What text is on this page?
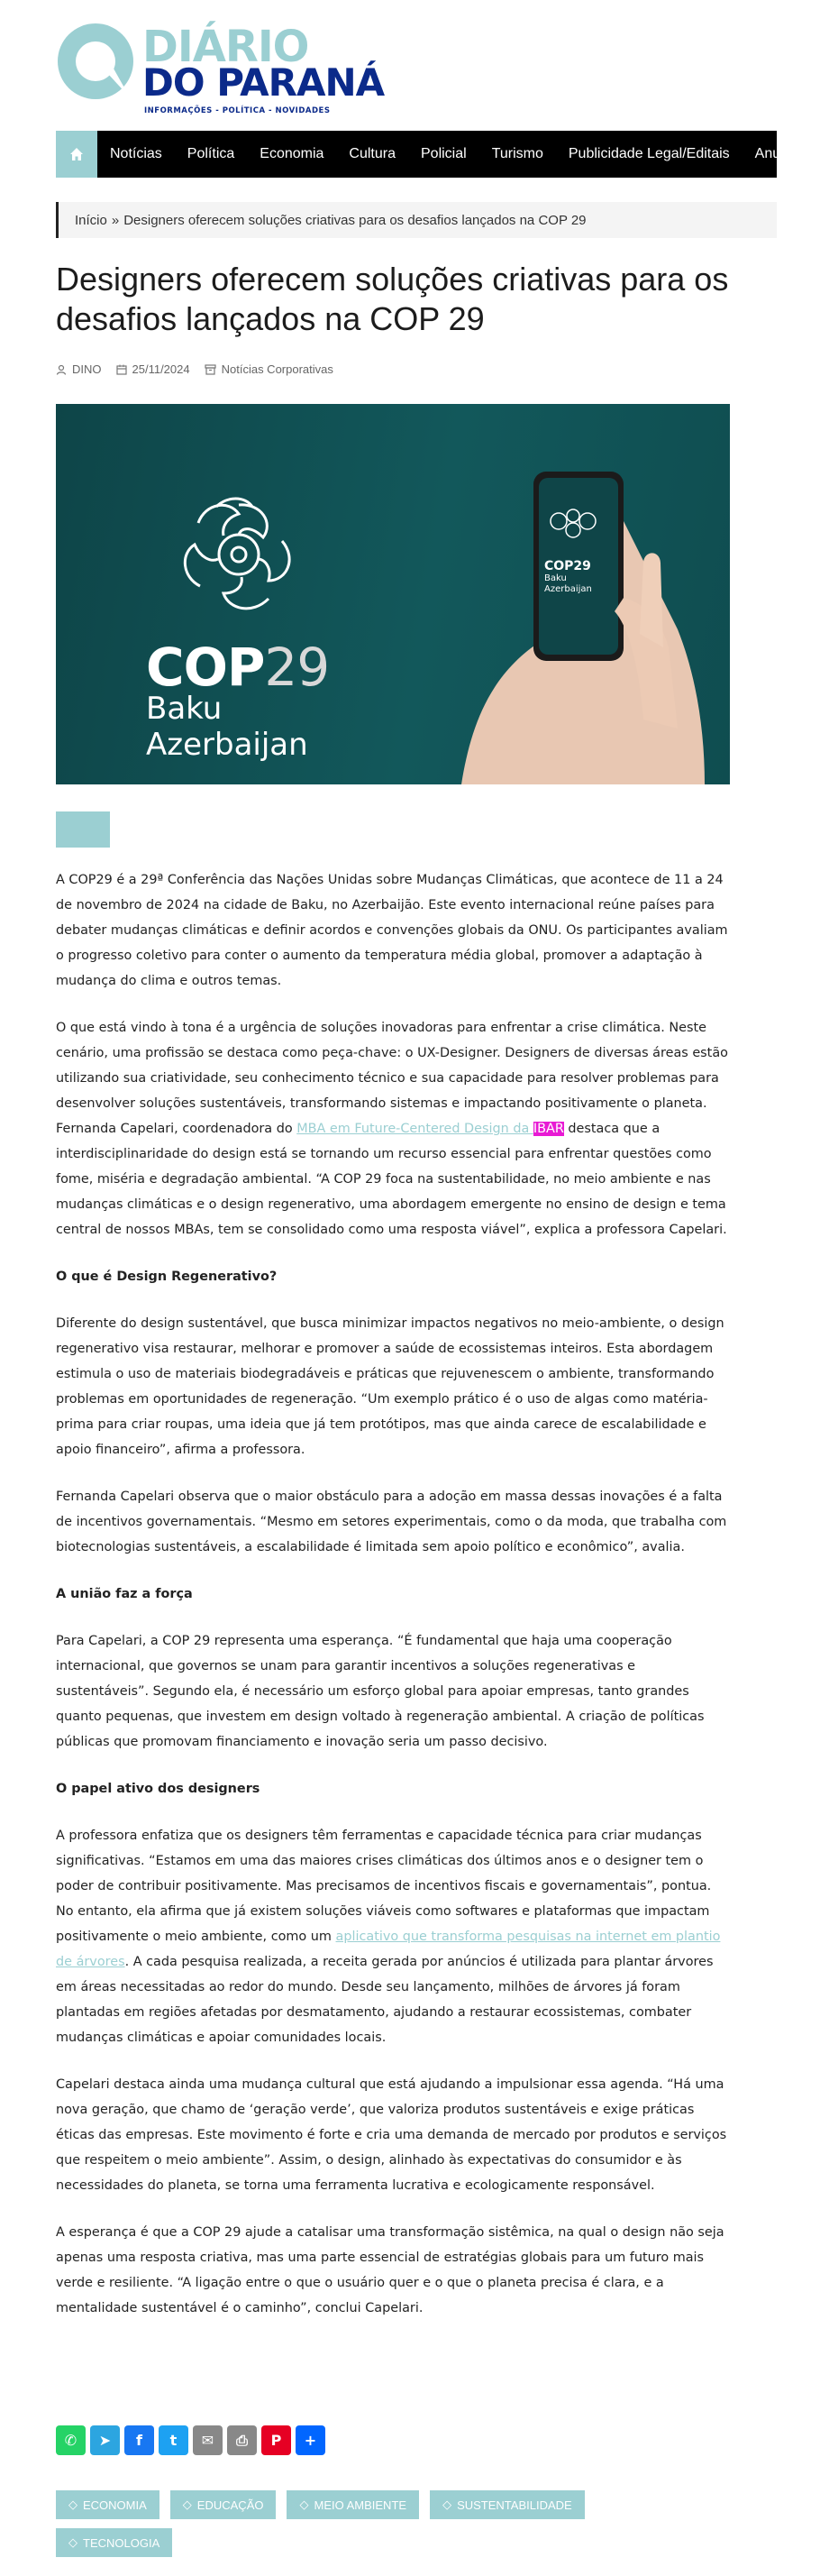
DIÁRIO
DO PARANÁ
INFORMAÇÕES - POLÍTICA - NOVIDADES
Notícias	Política	Economia	Cultura	Policial	Turismo	Publicidade Legal/Editais	Anuncie
Início » Designers oferecem soluções criativas para os desafios lançados na COP 29
Designers oferecem soluções criativas para os desafios lançados na COP 29
DINO	25/11/2024	Notícias Corporativas
COP29
Baku
Azerbaijan
COP29
Baku
Azerbaijan

A COP29 é a 29ª Conferência das Nações Unidas sobre Mudanças Climáticas, que acontece de 11 a 24 de novembro de 2024 na cidade de Baku, no Azerbaijão. Este evento internacional reúne países para debater mudanças climáticas e definir acordos e convenções globais da ONU. Os participantes avaliam o progresso coletivo para conter o aumento da temperatura média global, promover a adaptação à mudança do clima e outros temas.

O que está vindo à tona é a urgência de soluções inovadoras para enfrentar a crise climática. Neste cenário, uma profissão se destaca como peça-chave: o UX-Designer. Designers de diversas áreas estão utilizando sua criatividade, seu conhecimento técnico e sua capacidade para resolver problemas para desenvolver soluções sustentáveis, transformando sistemas e impactando positivamente o planeta. Fernanda Capelari, coordenadora do MBA em Future-Centered Design da IBAR destaca que a interdisciplinaridade do design está se tornando um recurso essencial para enfrentar questões como fome, miséria e degradação ambiental. “A COP 29 foca na sustentabilidade, no meio ambiente e nas mudanças climáticas e o design regenerativo, uma abordagem emergente no ensino de design e tema central de nossos MBAs, tem se consolidado como uma resposta viável”, explica a professora Capelari.

O que é Design Regenerativo?

Diferente do design sustentável, que busca minimizar impactos negativos no meio-ambiente, o design regenerativo visa restaurar, melhorar e promover a saúde de ecossistemas inteiros. Esta abordagem estimula o uso de materiais biodegradáveis e práticas que rejuvenescem o ambiente, transformando problemas em oportunidades de regeneração. “Um exemplo prático é o uso de algas como matéria-prima para criar roupas, uma ideia que já tem protótipos, mas que ainda carece de escalabilidade e apoio financeiro”, afirma a professora.

Fernanda Capelari observa que o maior obstáculo para a adoção em massa dessas inovações é a falta de incentivos governamentais. “Mesmo em setores experimentais, como o da moda, que trabalha com biotecnologias sustentáveis, a escalabilidade é limitada sem apoio político e econômico”, avalia.

A união faz a força

Para Capelari, a COP 29 representa uma esperança. “É fundamental que haja uma cooperação internacional, que governos se unam para garantir incentivos a soluções regenerativas e sustentáveis”. Segundo ela, é necessário um esforço global para apoiar empresas, tanto grandes quanto pequenas, que investem em design voltado à regeneração ambiental. A criação de políticas públicas que promovam financiamento e inovação seria um passo decisivo.

O papel ativo dos designers

A professora enfatiza que os designers têm ferramentas e capacidade técnica para criar mudanças significativas. “Estamos em uma das maiores crises climáticas dos últimos anos e o designer tem o poder de contribuir positivamente. Mas precisamos de incentivos fiscais e governamentais”, pontua. No entanto, ela afirma que já existem soluções viáveis como softwares e plataformas que impactam positivamente o meio ambiente, como um aplicativo que transforma pesquisas na internet em plantio de árvores. A cada pesquisa realizada, a receita gerada por anúncios é utilizada para plantar árvores em áreas necessitadas ao redor do mundo. Desde seu lançamento, milhões de árvores já foram plantadas em regiões afetadas por desmatamento, ajudando a restaurar ecossistemas, combater mudanças climáticas e apoiar comunidades locais.

Capelari destaca ainda uma mudança cultural que está ajudando a impulsionar essa agenda. “Há uma nova geração, que chamo de ‘geração verde’, que valoriza produtos sustentáveis e exige práticas éticas das empresas. Este movimento é forte e cria uma demanda de mercado por produtos e serviços que respeitem o meio ambiente”. Assim, o design, alinhado às expectativas do consumidor e às necessidades do planeta, se torna uma ferramenta lucrativa e ecologicamente responsável.

A esperança é que a COP 29 ajude a catalisar uma transformação sistêmica, na qual o design não seja apenas uma resposta criativa, mas uma parte essencial de estratégias globais para um futuro mais verde e resiliente. “A ligação entre o que o usuário quer e o que o planeta precisa é clara, e a mentalidade sustentável é o caminho”, conclui Capelari.

✆ ➤ f t ✉ ⎙ P +
◇ ECONOMIA	◇ EDUCAÇÃO	◇ MEIO AMBIENTE	◇ SUSTENTABILIDADE
◇ TECNOLOGIA
